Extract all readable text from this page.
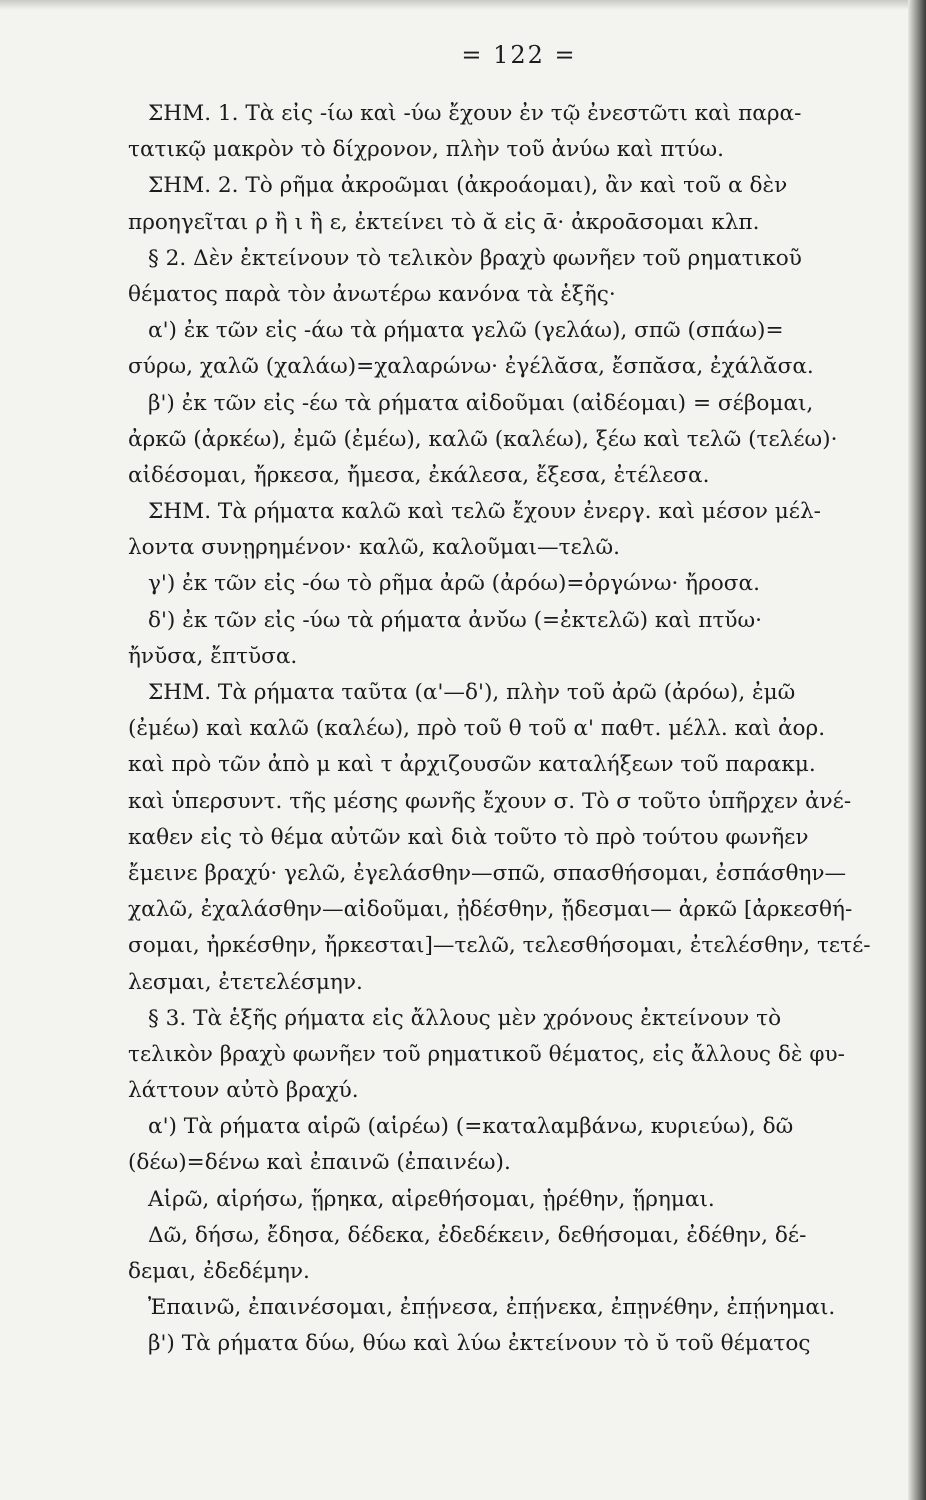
= 122 =

ΣΗΜ. 1. Τὰ εἰς -ίω καὶ -ύω ἔχουν ἐν τῷ ἐνεστῶτι καὶ παρα-

τατικῷ μακρὸν τὸ δίχρονον, πλὴν τοῦ ἀνύω καὶ πτύω.

ΣΗΜ. 2. Τὸ ρῆμα ἀκροῶμαι (ἀκροάομαι), ἂν καὶ τοῦ α δὲν

προηγεῖται ρ ἢ ι ἢ ε, ἐκτείνει τὸ ᾰ εἰς ᾱ· ἀκροᾱσομαι κλπ.

§ 2. Δὲν ἐκτείνουν τὸ τελικὸν βραχὺ φωνῆεν τοῦ ρηματικοῦ

θέματος παρὰ τὸν ἀνωτέρω κανόνα τὰ ἑξῆς·

α') ἐκ τῶν εἰς -άω τὰ ρήματα γελῶ (γελάω), σπῶ (σπάω)=

σύρω, χαλῶ (χαλάω)=χαλαρώνω· ἐγέλᾰσα, ἔσπᾰσα, ἐχάλᾰσα.

β') ἐκ τῶν εἰς -έω τὰ ρήματα αἰδοῦμαι (αἰδέομαι) = σέβομαι,

ἀρκῶ (ἀρκέω), ἐμῶ (ἐμέω), καλῶ (καλέω), ξέω καὶ τελῶ (τελέω)·

αἰδέσομαι, ἤρκεσα, ἤμεσα, ἐκάλεσα, ἔξεσα, ἐτέλεσα.

ΣΗΜ. Τὰ ρήματα καλῶ καὶ τελῶ ἔχουν ἐνεργ. καὶ μέσον μέλ-

λοντα συνῃρημένον· καλῶ, καλοῦμαι—τελῶ.

γ') ἐκ τῶν εἰς -όω τὸ ρῆμα ἀρῶ (ἀρόω)=ὀργώνω· ἤροσα.

δ') ἐκ τῶν εἰς -ύω τὰ ρήματα ἀνῠ́ω (=ἐκτελῶ) καὶ πτῠ́ω·

ἤνῠσα, ἔπτῠσα.

ΣΗΜ. Τὰ ρήματα ταῦτα (α'—δ'), πλὴν τοῦ ἀρῶ (ἀρόω), ἐμῶ

(ἐμέω) καὶ καλῶ (καλέω), πρὸ τοῦ θ τοῦ α' παθτ. μέλλ. καὶ ἀορ.

καὶ πρὸ τῶν ἀπὸ μ καὶ τ ἀρχιζουσῶν καταλήξεων τοῦ παρακμ.

καὶ ὑπερσυντ. τῆς μέσης φωνῆς ἔχουν σ. Τὸ σ τοῦτο ὑπῆρχεν ἀνέ-

καθεν εἰς τὸ θέμα αὐτῶν καὶ διὰ τοῦτο τὸ πρὸ τούτου φωνῆεν

ἔμεινε βραχύ· γελῶ, ἐγελάσθην—σπῶ, σπασθήσομαι, ἐσπάσθην—

χαλῶ, ἐχαλάσθην—αἰδοῦμαι, ᾐδέσθην, ᾔδεσμαι— ἀρκῶ [ἀρκεσθή-

σομαι, ἠρκέσθην, ἤρκεσται]—τελῶ, τελεσθήσομαι, ἐτελέσθην, τετέ-

λεσμαι, ἐτετελέσμην.

§ 3. Τὰ ἑξῆς ρήματα εἰς ἄλλους μὲν χρόνους ἐκτείνουν τὸ

τελικὸν βραχὺ φωνῆεν τοῦ ρηματικοῦ θέματος, εἰς ἄλλους δὲ φυ-

λάττουν αὐτὸ βραχύ.

α') Τὰ ρήματα αἱρῶ (αἱρέω) (=καταλαμβάνω, κυριεύω), δῶ

(δέω)=δένω καὶ ἐπαινῶ (ἐπαινέω).

Αἱρῶ, αἱρήσω, ᾕρηκα, αἱρεθήσομαι, ᾑρέθην, ᾕρημαι.

Δῶ, δήσω, ἔδησα, δέδεκα, ἐδεδέκειν, δεθήσομαι, ἐδέθην, δέ-

δεμαι, ἐδεδέμην.

Ἐπαινῶ, ἐπαινέσομαι, ἐπῄνεσα, ἐπῄνεκα, ἐπῃνέθην, ἐπῄνημαι.

β') Τὰ ρήματα δύω, θύω καὶ λύω ἐκτείνουν τὸ ῠ τοῦ θέματος
